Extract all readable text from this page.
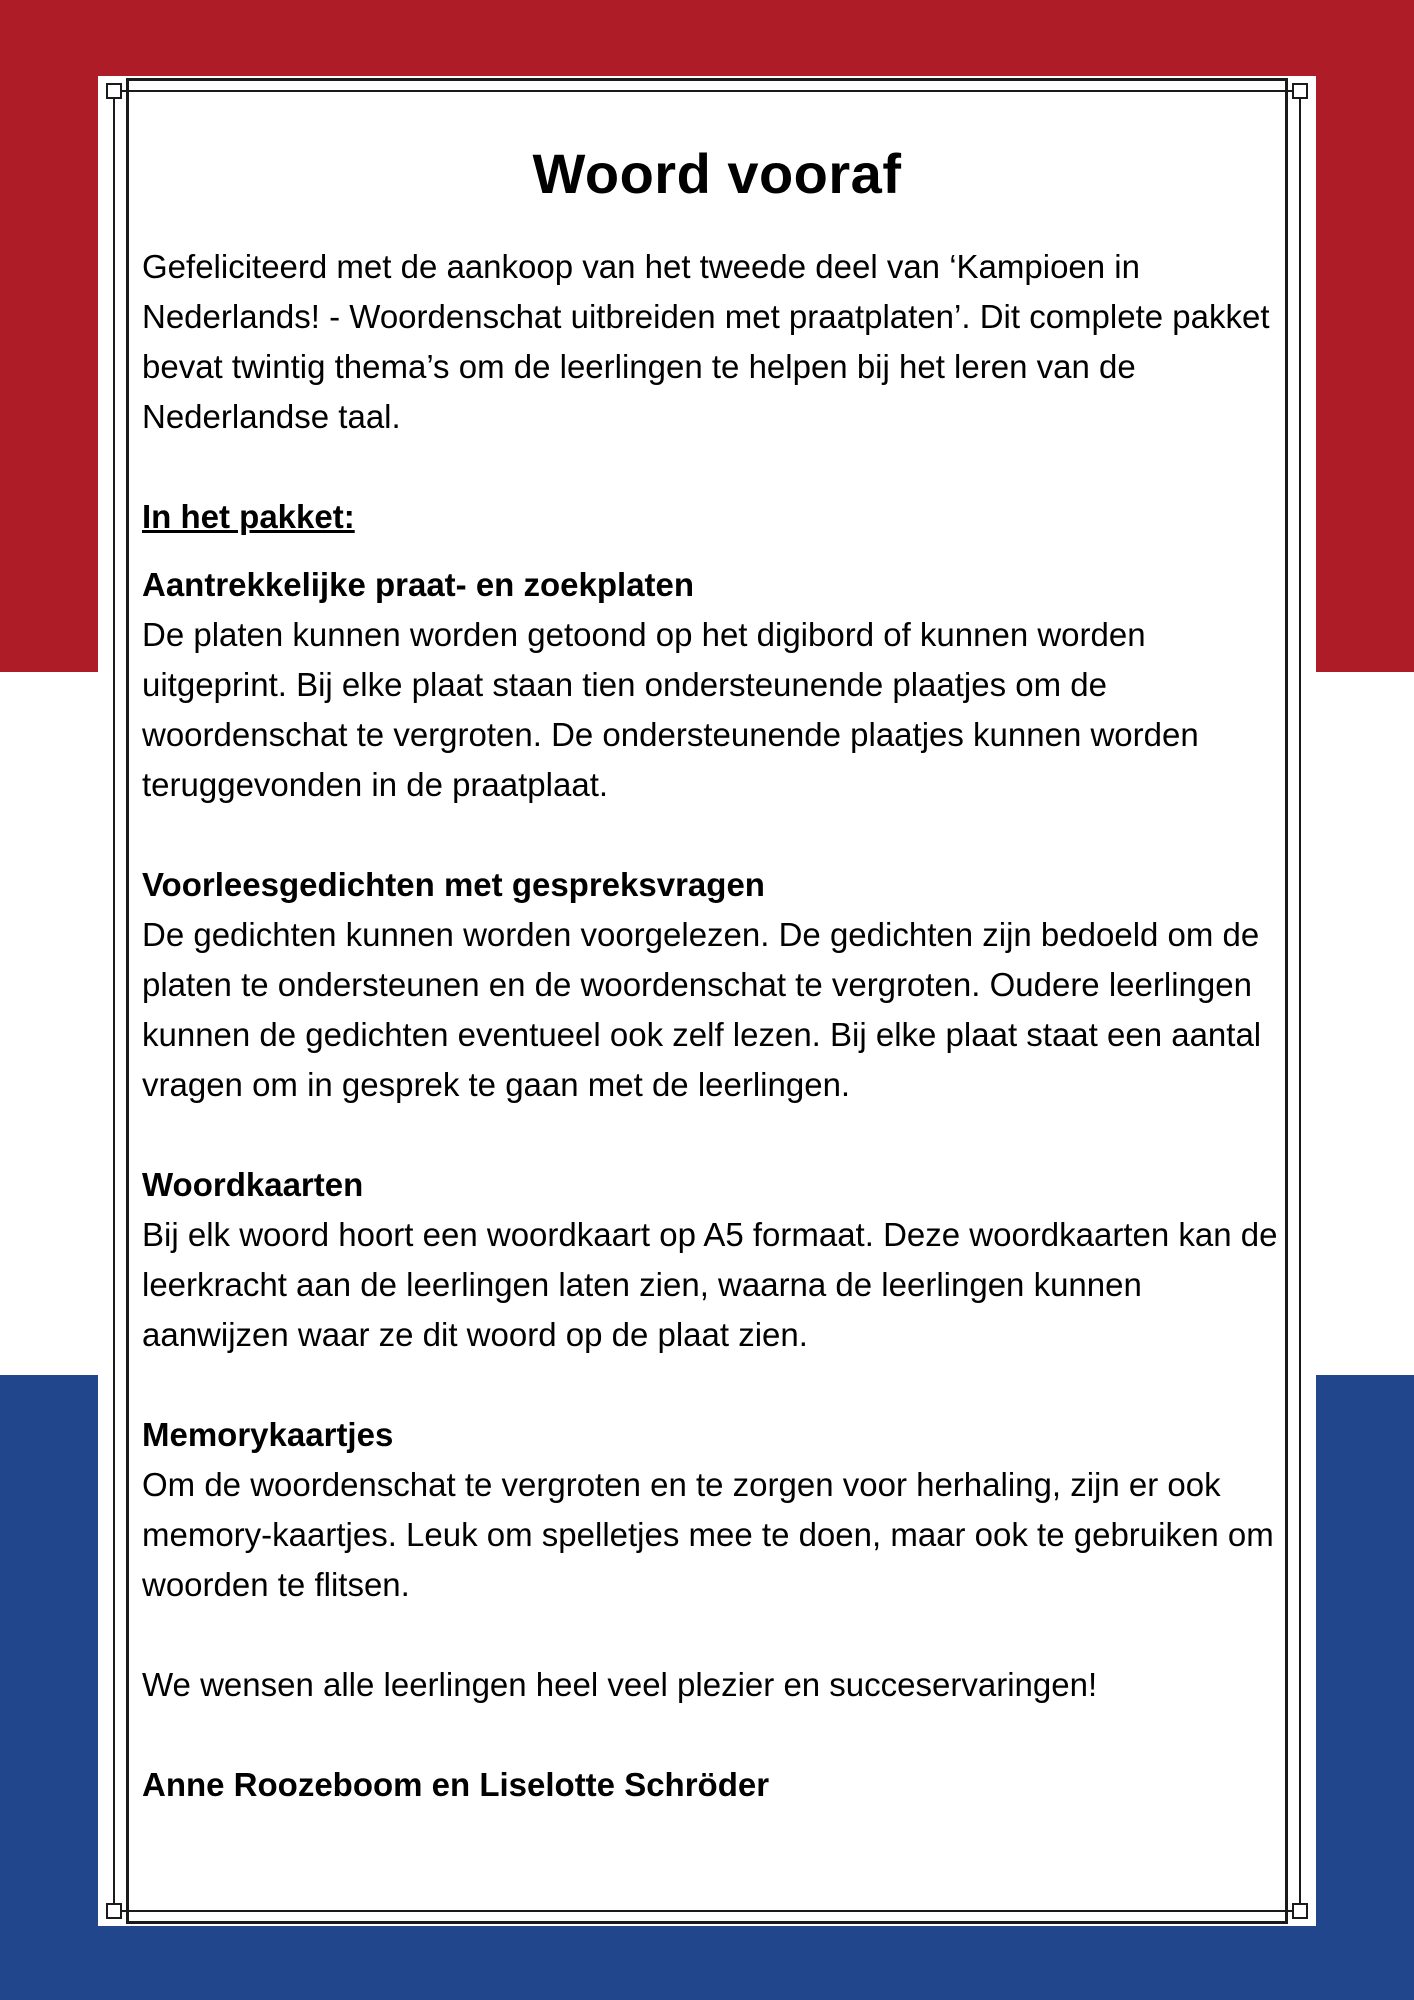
Woord vooraf

Gefeliciteerd met de aankoop van het tweede deel van ‘Kampioen in Nederlands! - Woordenschat uitbreiden met praatplaten’. Dit complete pakket bevat twintig thema’s om de leerlingen te helpen bij het leren van de Nederlandse taal.

In het pakket:

Aantrekkelijke praat- en zoekplaten

De platen kunnen worden getoond op het digibord of kunnen worden uitgeprint. Bij elke plaat staan tien ondersteunende plaatjes om de woordenschat te vergroten. De ondersteunende plaatjes kunnen worden teruggevonden in de praatplaat.

Voorleesgedichten met gespreksvragen

De gedichten kunnen worden voorgelezen. De gedichten zijn bedoeld om de platen te ondersteunen en de woordenschat te vergroten. Oudere leerlingen kunnen de gedichten eventueel ook zelf lezen. Bij elke plaat staat een aantal vragen om in gesprek te gaan met de leerlingen.

Woordkaarten

Bij elk woord hoort een woordkaart op A5 formaat. Deze woordkaarten kan de leerkracht aan de leerlingen laten zien, waarna de leerlingen kunnen aanwijzen waar ze dit woord op de plaat zien.

Memorykaartjes

Om de woordenschat te vergroten en te zorgen voor herhaling, zijn er ook memory-kaartjes. Leuk om spelletjes mee te doen, maar ook te gebruiken om woorden te flitsen.

We wensen alle leerlingen heel veel plezier en succeservaringen!

Anne Roozeboom en Liselotte Schröder
